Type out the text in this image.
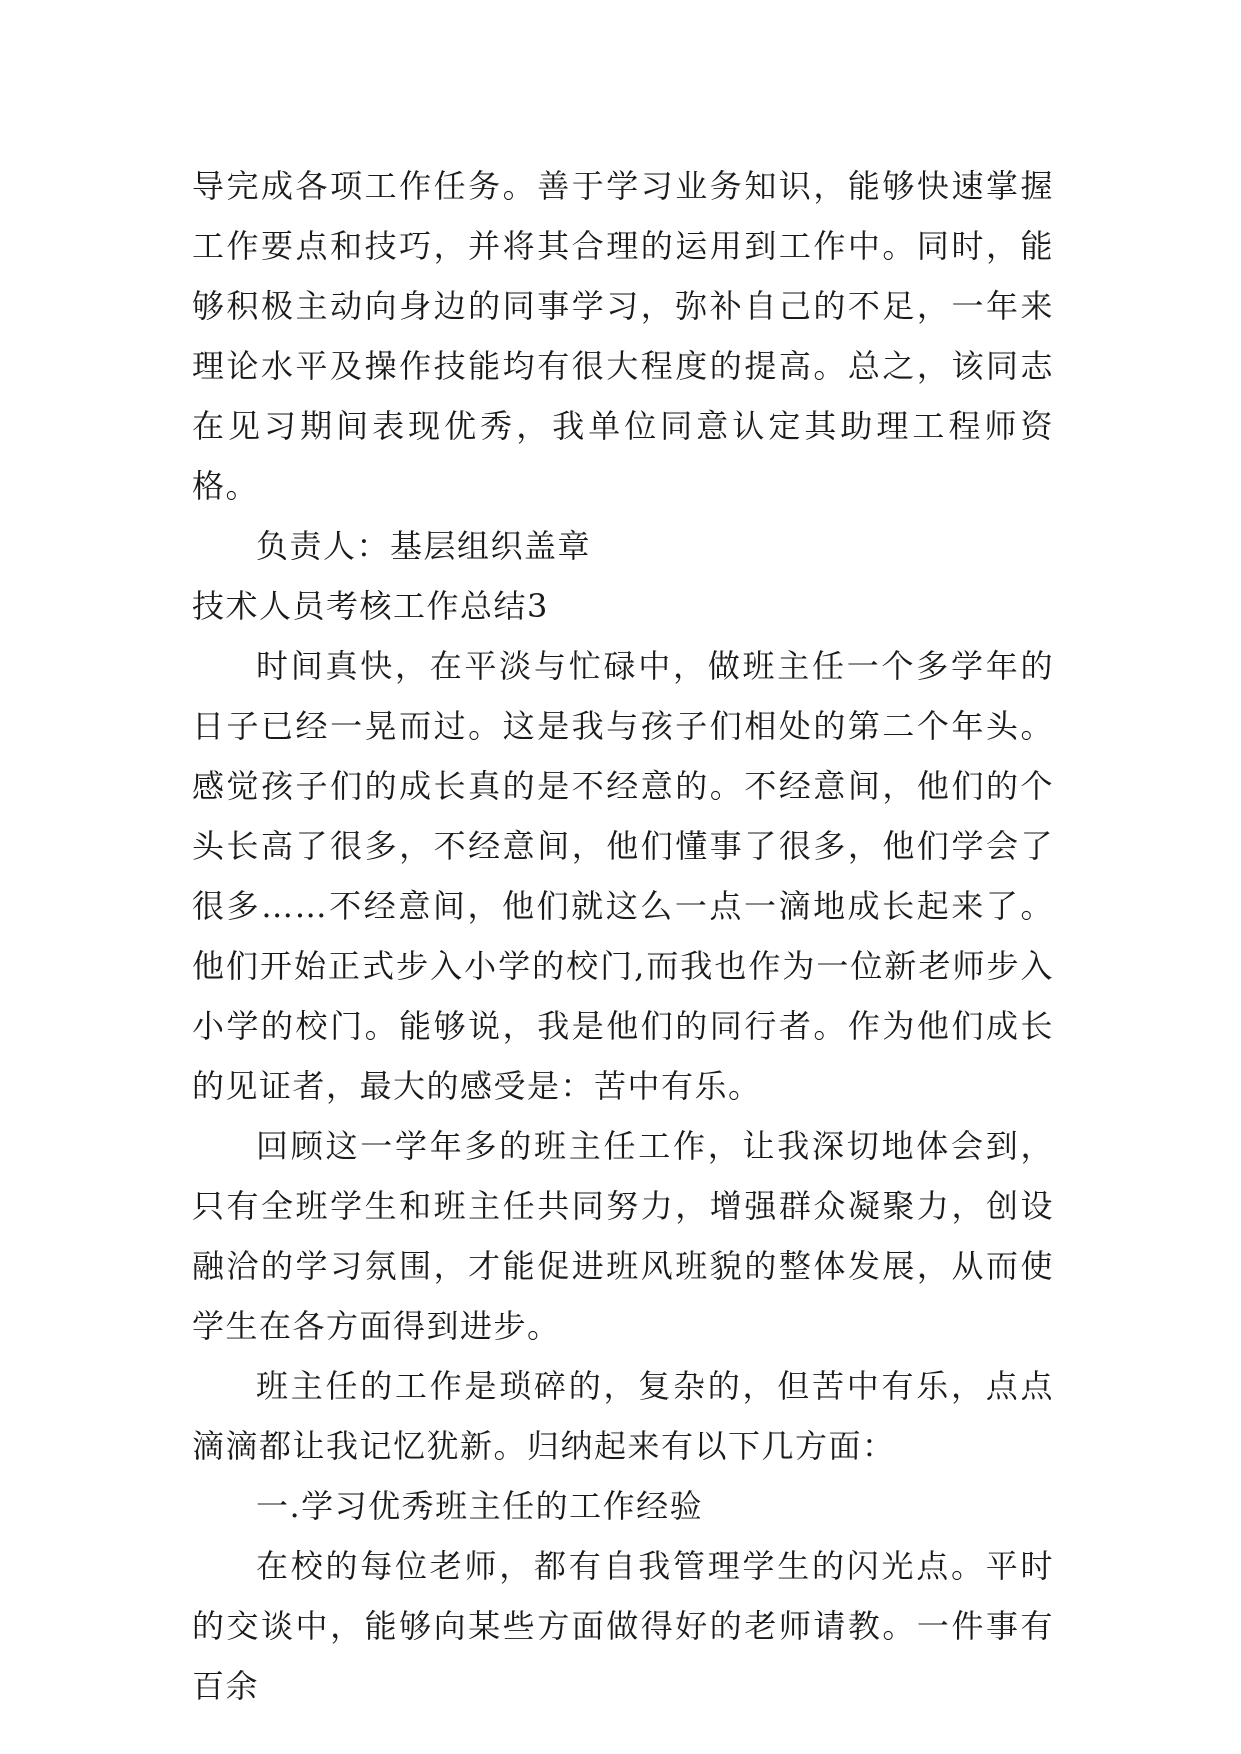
导完成各项工作任务。善于学习业务知识，能够快速掌握工作要点和技巧，并将其合理的运用到工作中。同时，能够积极主动向身边的同事学习，弥补自己的不足，一年来理论水平及操作技能均有很大程度的提高。总之，该同志在见习期间表现优秀，我单位同意认定其助理工程师资格。

负责人：基层组织盖章

技术人员考核工作总结3

时间真快，在平淡与忙碌中，做班主任一个多学年的日子已经一晃而过。这是我与孩子们相处的第二个年头。感觉孩子们的成长真的是不经意的。不经意间，他们的个头长高了很多，不经意间，他们懂事了很多，他们学会了很多……不经意间，他们就这么一点一滴地成长起来了。他们开始正式步入小学的校门,而我也作为一位新老师步入小学的校门。能够说，我是他们的同行者。作为他们成长的见证者，最大的感受是：苦中有乐。

回顾这一学年多的班主任工作，让我深切地体会到，只有全班学生和班主任共同努力，增强群众凝聚力，创设融洽的学习氛围，才能促进班风班貌的整体发展，从而使学生在各方面得到进步。

班主任的工作是琐碎的，复杂的，但苦中有乐，点点滴滴都让我记忆犹新。归纳起来有以下几方面：

一.学习优秀班主任的工作经验

在校的每位老师，都有自我管理学生的闪光点。平时的交谈中，能够向某些方面做得好的老师请教。一件事有百余
